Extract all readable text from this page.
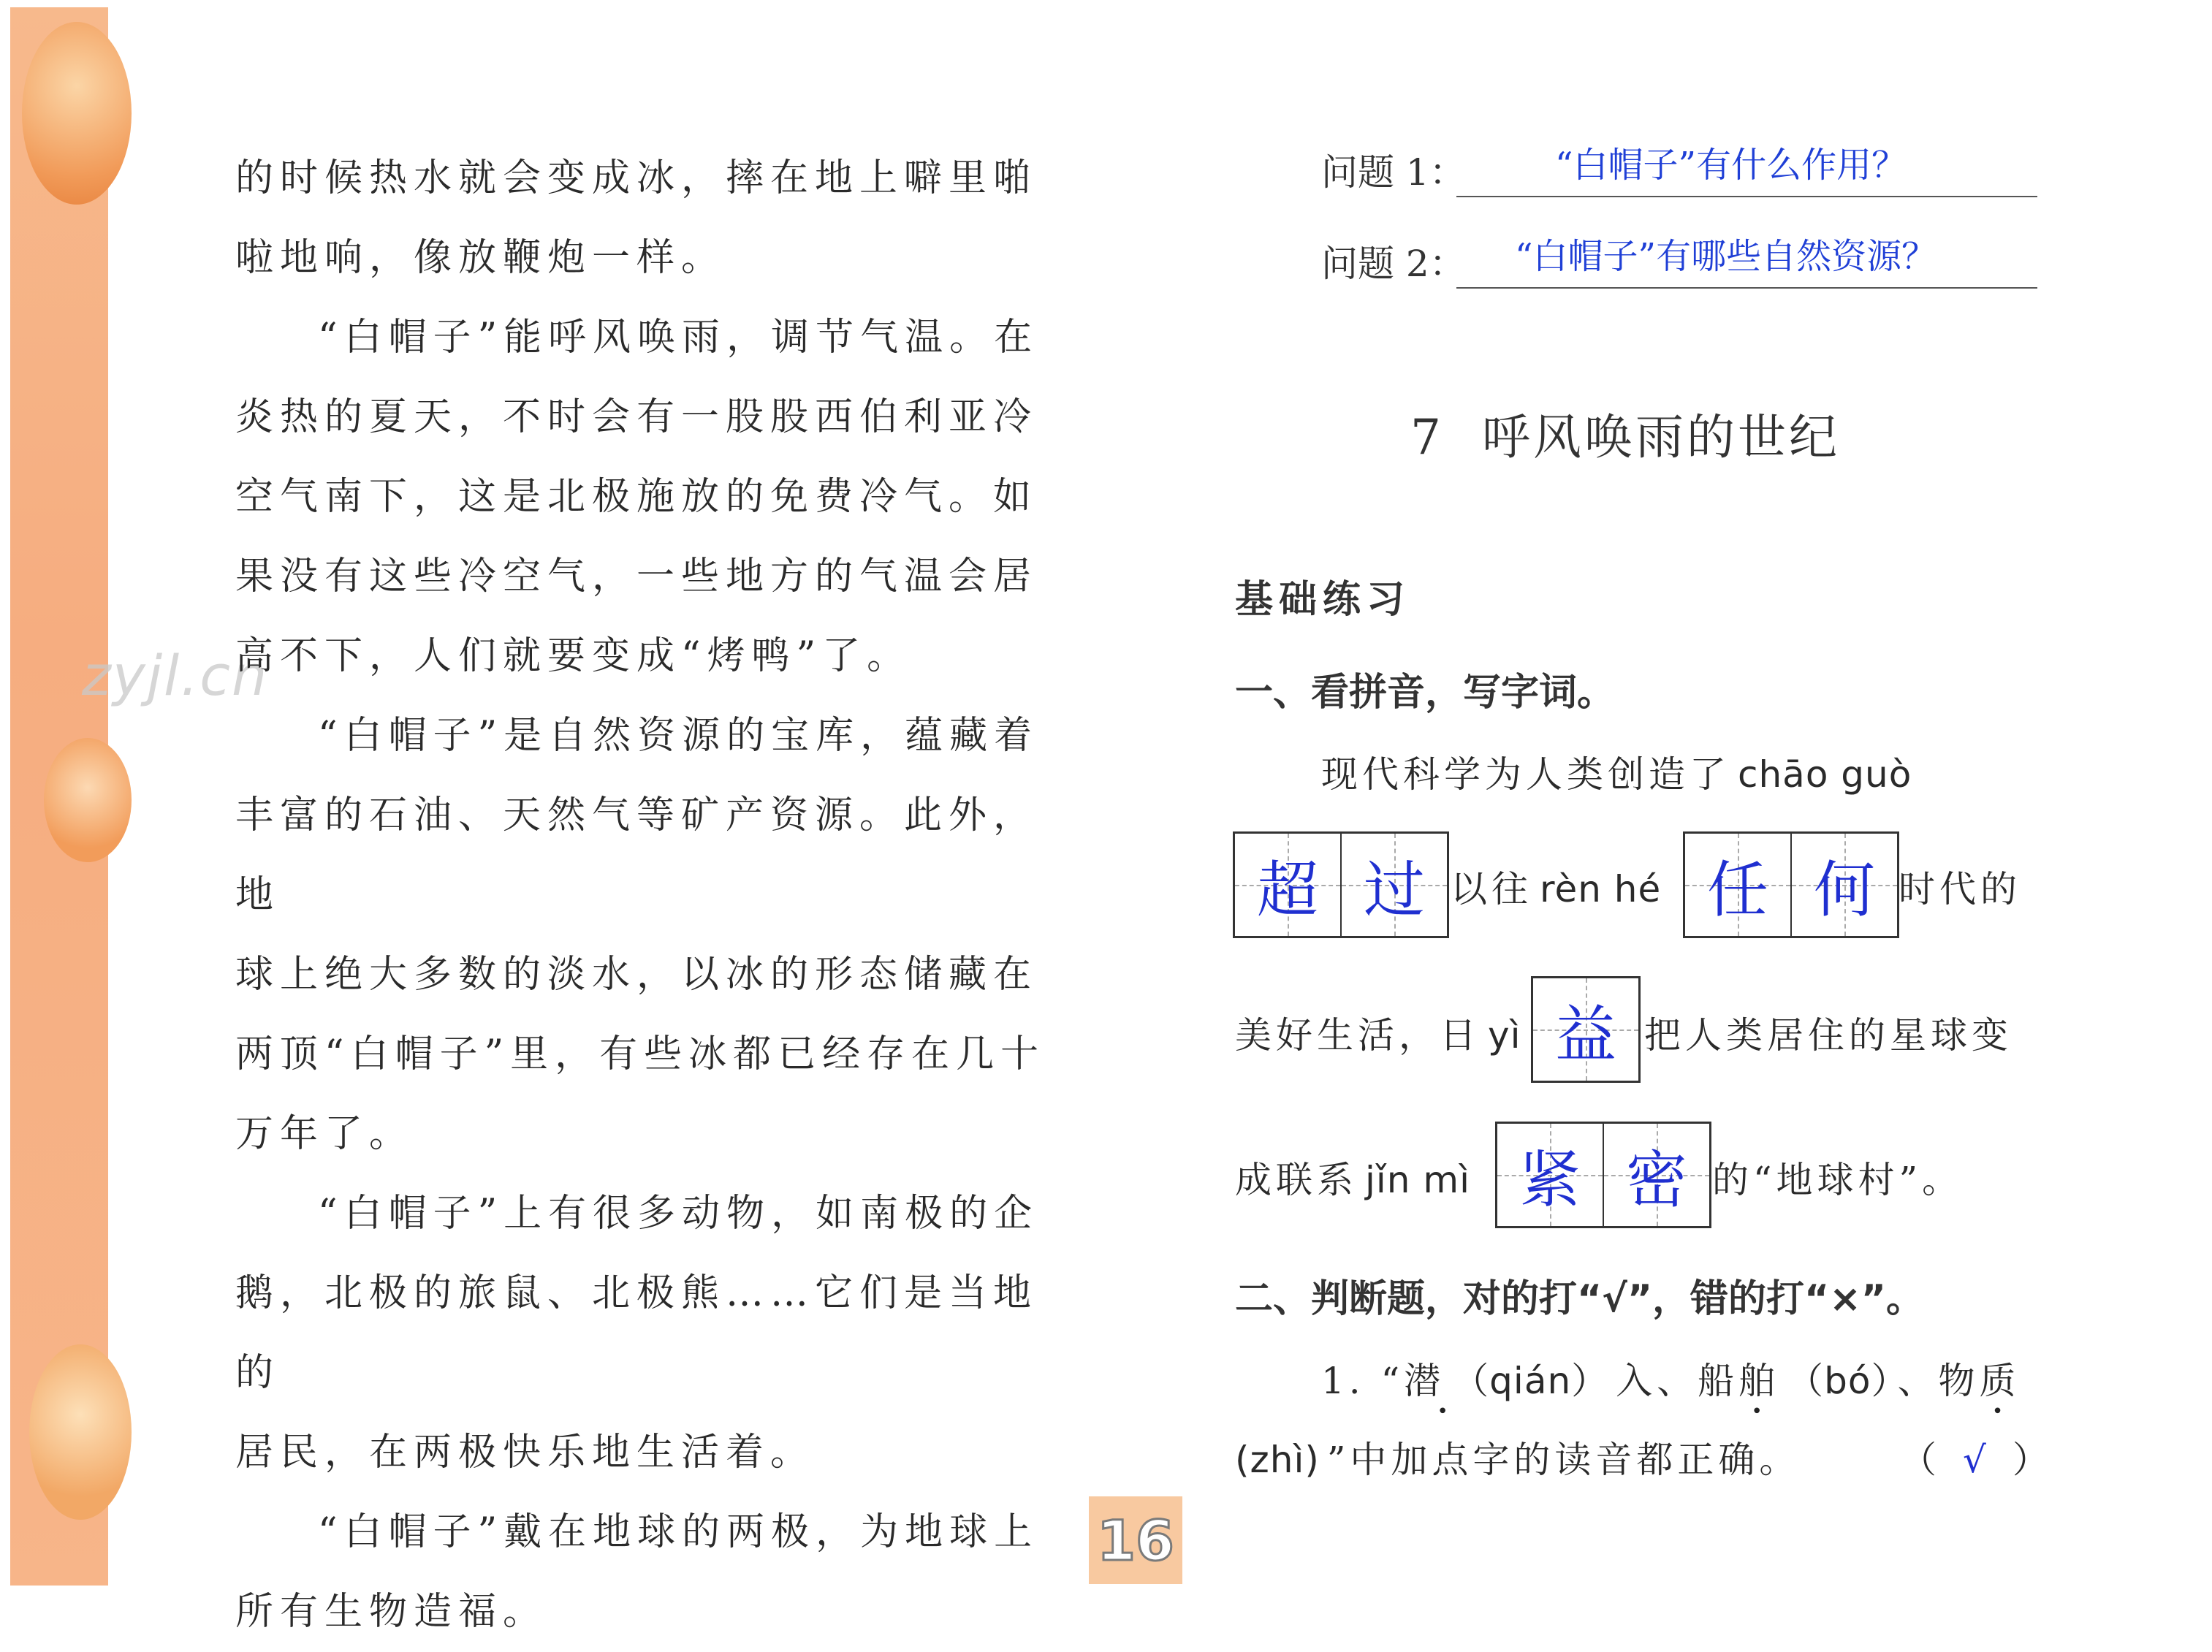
zyjl.cn

的时候热水就会变成冰，摔在地上噼里啪

啦地响，像放鞭炮一样。

“白帽子”能呼风唤雨，调节气温。在

炎热的夏天，不时会有一股股西伯利亚冷

空气南下，这是北极施放的免费冷气。如

果没有这些冷空气，一些地方的气温会居

高不下，人们就要变成“烤鸭”了。

“白帽子”是自然资源的宝库，蕴藏着

丰富的石油、天然气等矿产资源。此外，地

球上绝大多数的淡水，以冰的形态储藏在

两顶“白帽子”里，有些冰都已经存在几十

万年了。

“白帽子”上有很多动物，如南极的企

鹅，北极的旅鼠、北极熊……它们是当地的

居民，在两极快乐地生活着。

“白帽子”戴在地球的两极，为地球上

所有生物造福。

问题 1：	“白帽子”有什么作用？
问题 2： “白帽子”有哪些自然资源？
7 呼风唤雨的世纪
基础练习
一、看拼音，写字词。
现代科学为人类创造了 chāo guò
超 过 以往 rèn hé 任 何 时代的
美好生活，日 yì 益 把人类居住的星球变
成联系 jǐn mì 紧 密 的“地球村”。
二、判断题，对的打“√”，错的打“×”。
1. “潜 （qián） 入、船舶 （bó） 、物质
(zhì) ”中加点字的读音都正确。	（ √ ）
16
